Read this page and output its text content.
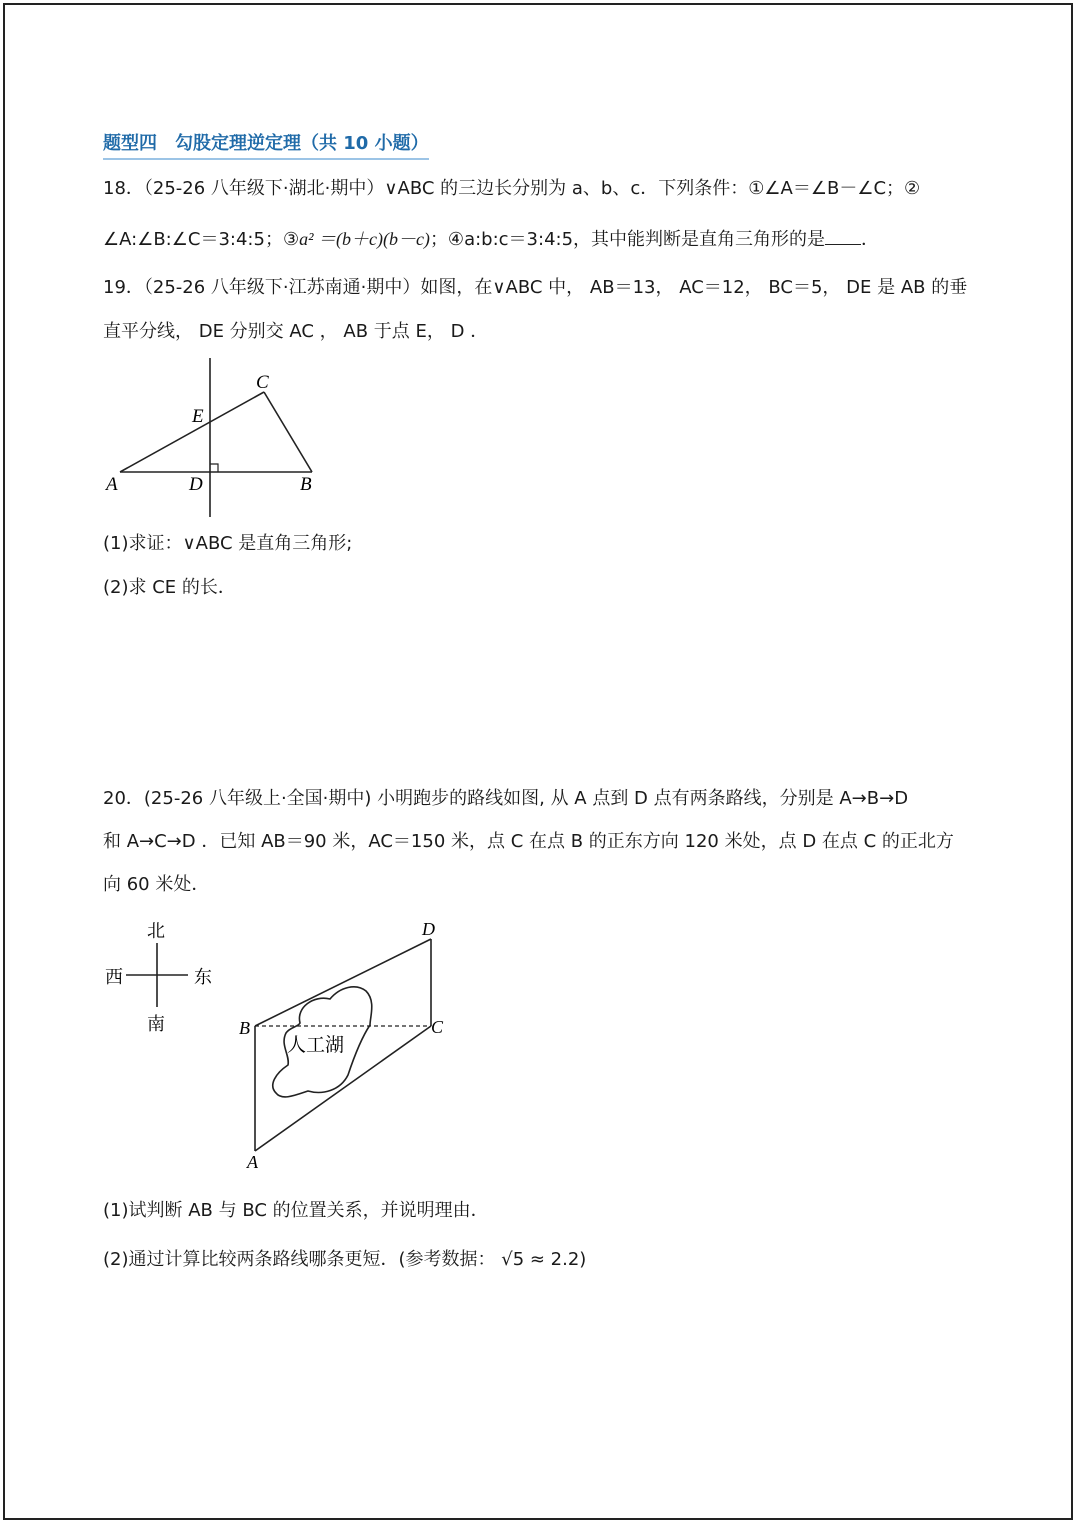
题型四　勾股定理逆定理（共 10 小题）
18．（25-26 八年级下·湖北·期中）∨ABC 的三边长分别为 a、b、c．下列条件：①∠A＝∠B－∠C；②
∠A:∠B:∠C＝3:4:5；③a² ＝(b＋c)(b－c)；④a:b:c＝3:4:5，其中能判断是直角三角形的是 ．
19．（25-26 八年级下·江苏南通·期中）如图，在∨ABC 中， AB＝13， AC＝12， BC＝5， DE 是 AB 的垂
直平分线， DE 分别交 AC ， AB 于点 E， D ．
A	D	B
C
E
(1)求证：∨ABC 是直角三角形;
(2)求 CE 的长．
20．(25-26 八年级上·全国·期中) 小明跑步的路线如图, 从 A 点到 D 点有两条路线，分别是 A→B→D
和 A→C→D ．已知 AB＝90 米，AC＝150 米，点 C 在点 B 的正东方向 120 米处，点 D 在点 C 的正北方
向 60 米处．
北
南
西	东
人工湖
A
B	C
D
(1)试判断 AB 与 BC 的位置关系，并说明理由．
(2)通过计算比较两条路线哪条更短．(参考数据： √5 ≈ 2.2)
